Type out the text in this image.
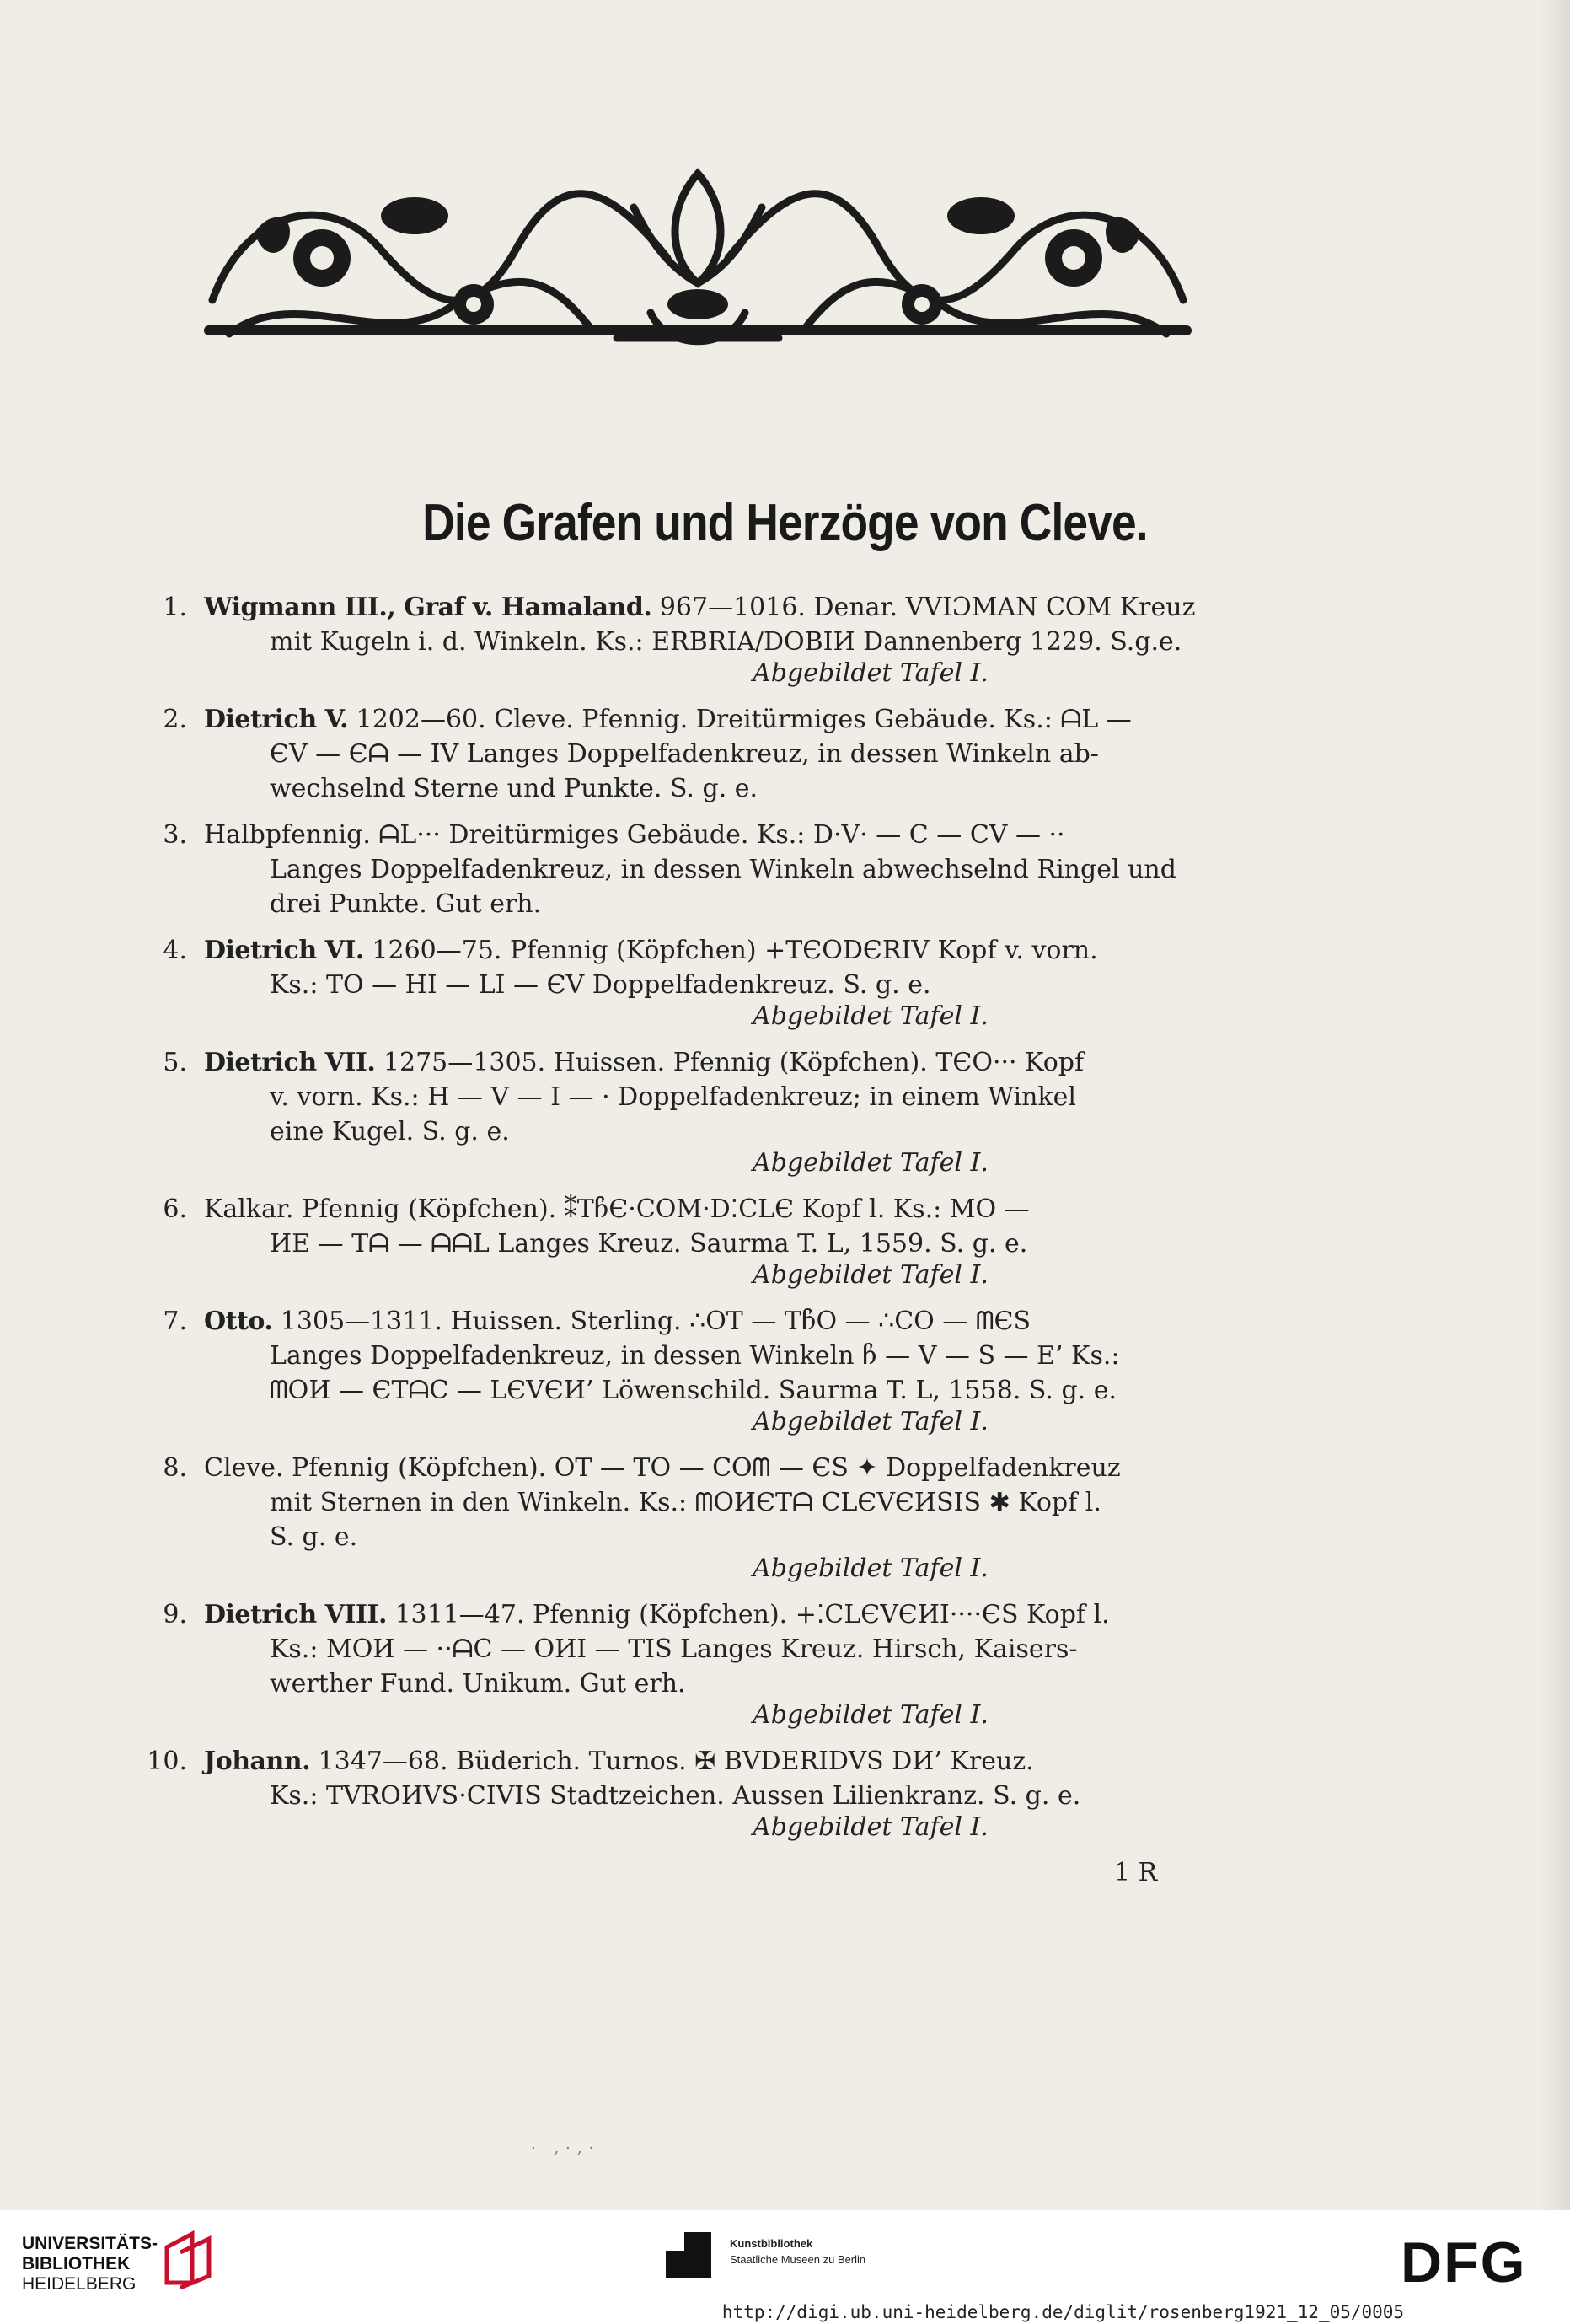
Die Grafen und Herzöge von Cleve.
1. Wigmann III., Graf v. Hamaland. 967—1016. Denar. VVIƆMAN COM Kreuz
mit Kugeln i. d. Winkeln. Ks.: ERBRIA/DOBIИ Dannenberg 1229. S.g.e.
Abgebildet Tafel I.
2. Dietrich V. 1202—60. Cleve. Pfennig. Dreitürmiges Gebäude. Ks.: ᗩL —
ЄV — Єᗩ — IV Langes Doppelfadenkreuz, in dessen Winkeln ab-
wechselnd Sterne und Punkte. S. g. e.
3. Halbpfennig. ᗩL··· Dreitürmiges Gebäude. Ks.: D·V· — C — CV — ··
Langes Doppelfadenkreuz, in dessen Winkeln abwechselnd Ringel und
drei Punkte. Gut erh.
4. Dietrich VI. 1260—75. Pfennig (Köpfchen) +TЄODЄRIV Kopf v. vorn.
Ks.: TO — HI — LI — ЄV Doppelfadenkreuz. S. g. e.
Abgebildet Tafel I.
5. Dietrich VII. 1275—1305. Huissen. Pfennig (Köpfchen). TЄO··· Kopf
v. vorn. Ks.: H — V — I — · Doppelfadenkreuz; in einem Winkel
eine Kugel. S. g. e.
Abgebildet Tafel I.
6. Kalkar. Pfennig (Köpfchen). ⁑TჩЄ·COM·D⁚CLЄ Kopf l. Ks.: MO —
ИE — Tᗩ — ᗩᗩL Langes Kreuz. Saurma T. L, 1559. S. g. e.
Abgebildet Tafel I.
7. Otto. 1305—1311. Huissen. Sterling. ∴OT — TჩO — ∴CO — ᗰЄS
Langes Doppelfadenkreuz, in dessen Winkeln ჩ — V — S — E’ Ks.:
ᗰOИ — ЄTᗩC — LЄVЄИ’ Löwenschild. Saurma T. L, 1558. S. g. e.
Abgebildet Tafel I.
8. Cleve. Pfennig (Köpfchen). OT — TO — COᗰ — ЄS ✦ Doppelfadenkreuz
mit Sternen in den Winkeln. Ks.: ᗰOИЄTᗩ CLЄVЄИSIS ✱ Kopf l.
S. g. e.
Abgebildet Tafel I.
9. Dietrich VIII. 1311—47. Pfennig (Köpfchen). +⁚CLЄVЄИI····ЄS Kopf l.
Ks.: MOИ — ··ᗩC — OИI — TIS Langes Kreuz. Hirsch, Kaisers-
werther Fund. Unikum. Gut erh.
Abgebildet Tafel I.
10. Johann. 1347—68. Büderich. Turnos. ✠ BVDERIDVS DИ’ Kreuz.
Ks.: TVROИVS·CIVIS Stadtzeichen. Aussen Lilienkranz. S. g. e.
Abgebildet Tafel I.
1 R
· ,·,·
UNIVERSITÄTS-
BIBLIOTHEK
HEIDELBERG
Kunstbibliothek
Staatliche Museen zu Berlin	DFG
http://digi.ub.uni-heidelberg.de/diglit/rosenberg1921_12_05/0005
